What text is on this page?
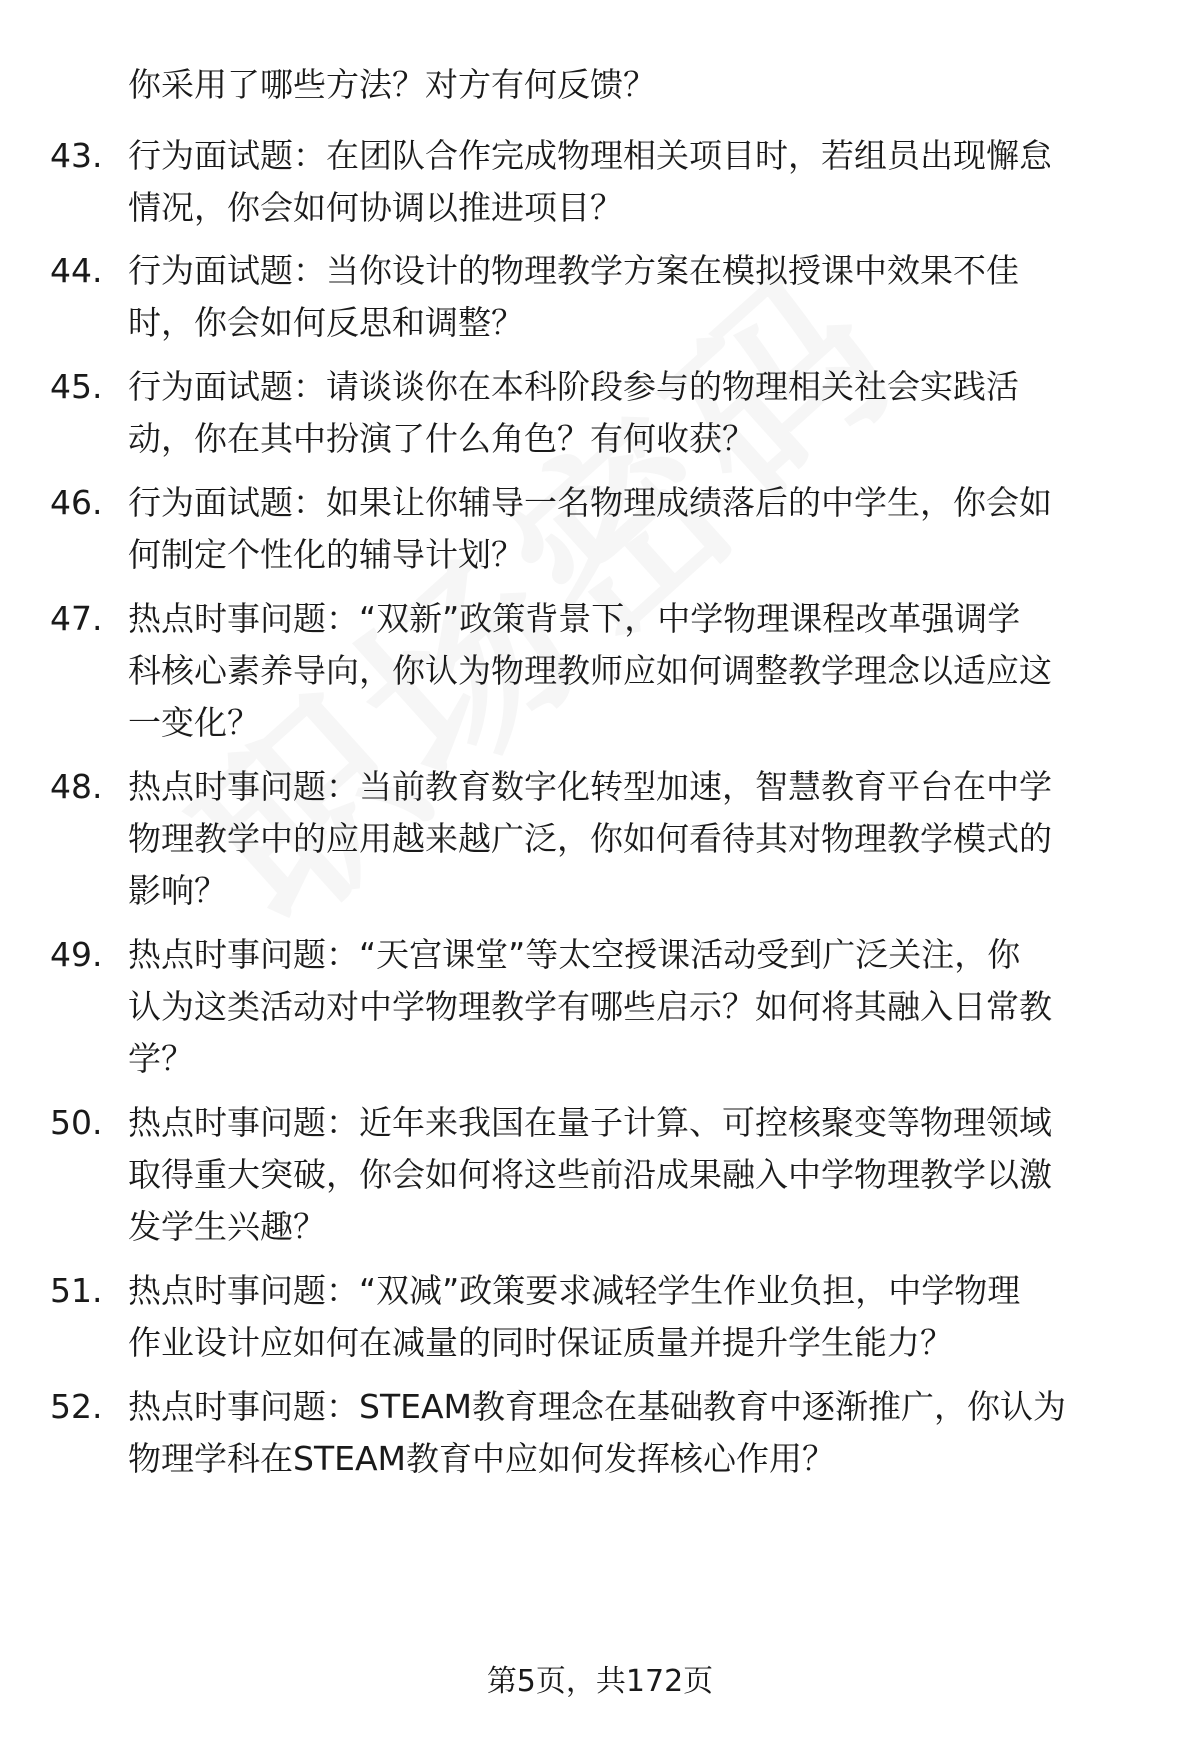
你采用了哪些方法？对方有何反馈？
43. 行为面试题：在团队合作完成物理相关项目时，若组员出现懈怠
情况，你会如何协调以推进项目？
44. 行为面试题：当你设计的物理教学方案在模拟授课中效果不佳
时，你会如何反思和调整？
45. 行为面试题：请谈谈你在本科阶段参与的物理相关社会实践活
动，你在其中扮演了什么角色？有何收获？
46. 行为面试题：如果让你辅导一名物理成绩落后的中学生，你会如
何制定个性化的辅导计划？
47. 热点时事问题：“双新”政策背景下，中学物理课程改革强调学
科核心素养导向，你认为物理教师应如何调整教学理念以适应这
一变化？
48. 热点时事问题：当前教育数字化转型加速，智慧教育平台在中学
物理教学中的应用越来越广泛，你如何看待其对物理教学模式的
影响？
49. 热点时事问题：“天宫课堂”等太空授课活动受到广泛关注，你
认为这类活动对中学物理教学有哪些启示？如何将其融入日常教
学？
50. 热点时事问题：近年来我国在量子计算、可控核聚变等物理领域
取得重大突破，你会如何将这些前沿成果融入中学物理教学以激
发学生兴趣？
51. 热点时事问题：“双减”政策要求减轻学生作业负担，中学物理
作业设计应如何在减量的同时保证质量并提升学生能力？
52. 热点时事问题：STEAM教育理念在基础教育中逐渐推广，你认为
物理学科在STEAM教育中应如何发挥核心作用？
第5页，共172页
